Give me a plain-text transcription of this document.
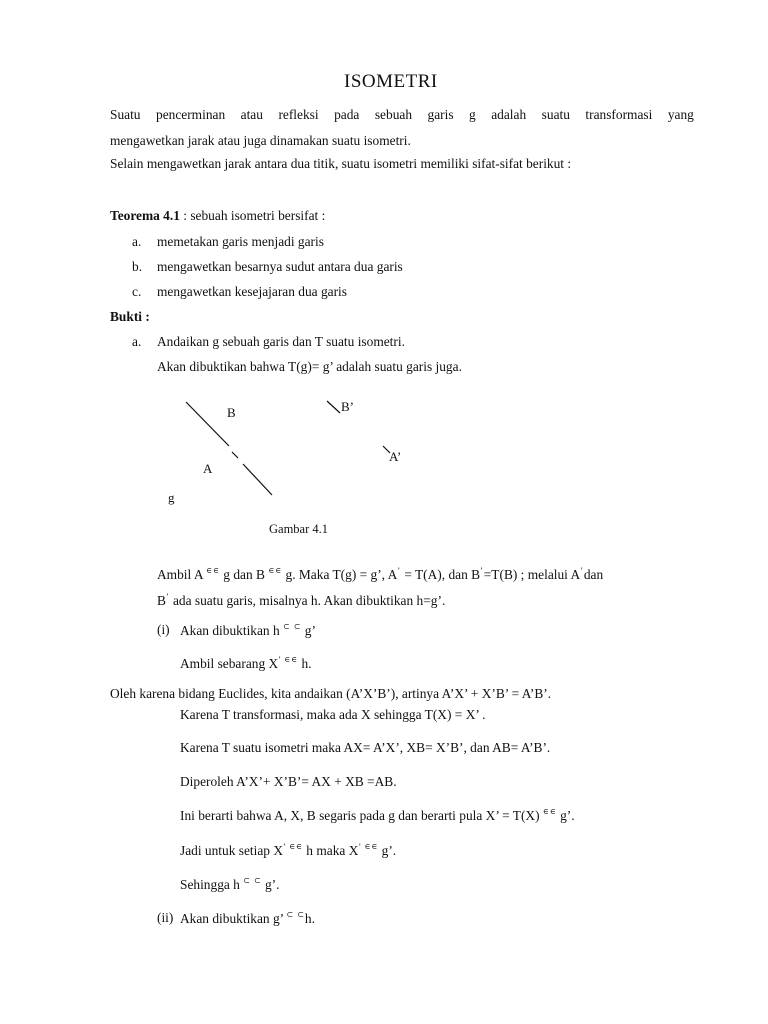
ISOMETRI
Suatu pencerminan atau refleksi pada sebuah garis g adalah suatu transformasi yang
mengawetkan jarak atau juga dinamakan suatu isometri.
Selain mengawetkan jarak antara dua titik, suatu isometri memiliki sifat-sifat berikut :
Teorema 4.1 : sebuah isometri bersifat :
a. memetakan garis menjadi garis
b. mengawetkan besarnya sudut antara dua garis
c. mengawetkan kesejajaran dua garis
Bukti :
a. Andaikan g sebuah garis dan T suatu isometri.
Akan dibuktikan bahwa T(g)= g’ adalah suatu garis juga.
B
A
g
B’
A’
Gambar 4.1
Ambil A ∈∈ g dan B ∈∈ g. Maka T(g) = g’, A’ = T(A), dan B’=T(B) ; melalui A’dan
B’ ada suatu garis, misalnya h. Akan dibuktikan h=g’.
(i) Akan dibuktikan h ⊂ ⊂ g’
Ambil sebarang X’ ∈∈ h.
Oleh karena bidang Euclides, kita andaikan (A’X’B’), artinya A’X’ + X’B’ = A’B’.
Karena T transformasi, maka ada X sehingga T(X) = X’ .
Karena T suatu isometri maka AX= A’X’, XB= X’B’, dan AB= A’B’.
Diperoleh A’X’+ X’B’= AX + XB =AB.
Ini berarti bahwa A, X, B segaris pada g dan berarti pula X’ = T(X) ∈∈ g’.
Jadi untuk setiap X’ ∈∈ h maka X’ ∈∈ g’.
Sehingga h ⊂ ⊂ g’.
(ii) Akan dibuktikan g’ ⊂ ⊂h.
